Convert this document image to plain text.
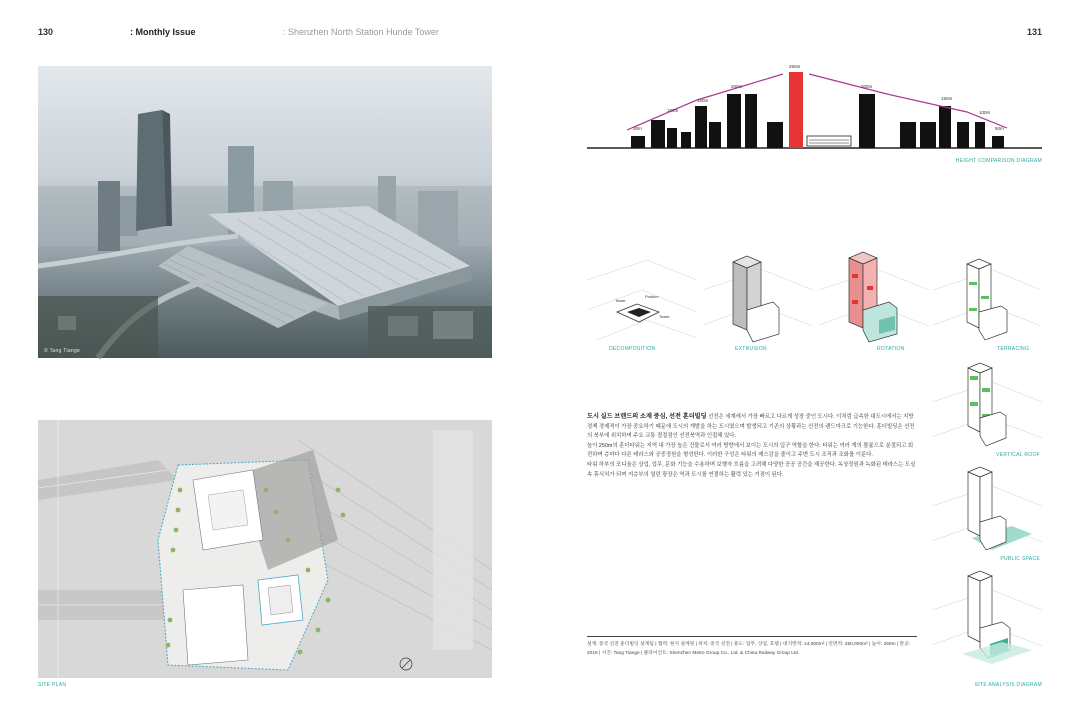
130	: Monthly Issue	: Shenzhen North Station Hunde Tower	131
© Tang Tiange
SITE PLAN
30m
100m
150m
200m
250m
200m
150m
100m
50m
HEIGHT COMPARISON DIAGRAM
Tower
Podium
Tower
DECOMPOSITION	EXTRUSION	ROTATION	TERRACING
VERTICAL ROOF
PUBLIC SPACE
SITE ANALYSIS DIAGRAM
도시 실드 브랜드의 소재 중심, 선전 훈더빌딩 선전은 세계에서 가장 빠르고 다르게 성장 중인 도시다. 이처럼 급속한 대도시에서는 지방정책 경제적이 가장 중요하기 때문에 도시의 개발을 하는 도시였으며 발생되고 기존의 상황과는 선전의 랜드마크로 기능한다. 훈더빌딩은 선전의 북부에 위치하며 주요 교통 결절점인 선전북역과 인접해 있다.
높이 250m의 훈더타워는 지역 내 가장 높은 건물로서 여러 방향에서 보이는 도시의 입구 역할을 한다. 타워는 여러 개의 볼륨으로 분절되고 회전하며 층마다 다른 테라스와 공중정원을 형성한다. 이러한 구성은 타워의 매스감을 줄이고 주변 도시 조직과 조화를 이룬다.
타워 하부의 포디움은 상업, 업무, 문화 기능을 수용하며 보행자 흐름을 고려해 다양한 공공 공간을 제공한다. 옥상정원과 녹화된 테라스는 도심 속 휴식처가 되며 저층부의 열린 광장은 역과 도시를 연결하는 활력 있는 거점이 된다.
설계: 중국 선전 훈더빌딩 설계팀 | 협력: 현지 설계원 | 위치: 중국 선전 | 용도: 업무, 상업, 호텔 | 대지면적: 14,000m² | 연면적: 250,000m² | 높이: 250m | 완공: 2019 | 사진: Tang Tiange | 클라이언트: Shenzhen Metro Group Co., Ltd. & China Railway Group Ltd.
